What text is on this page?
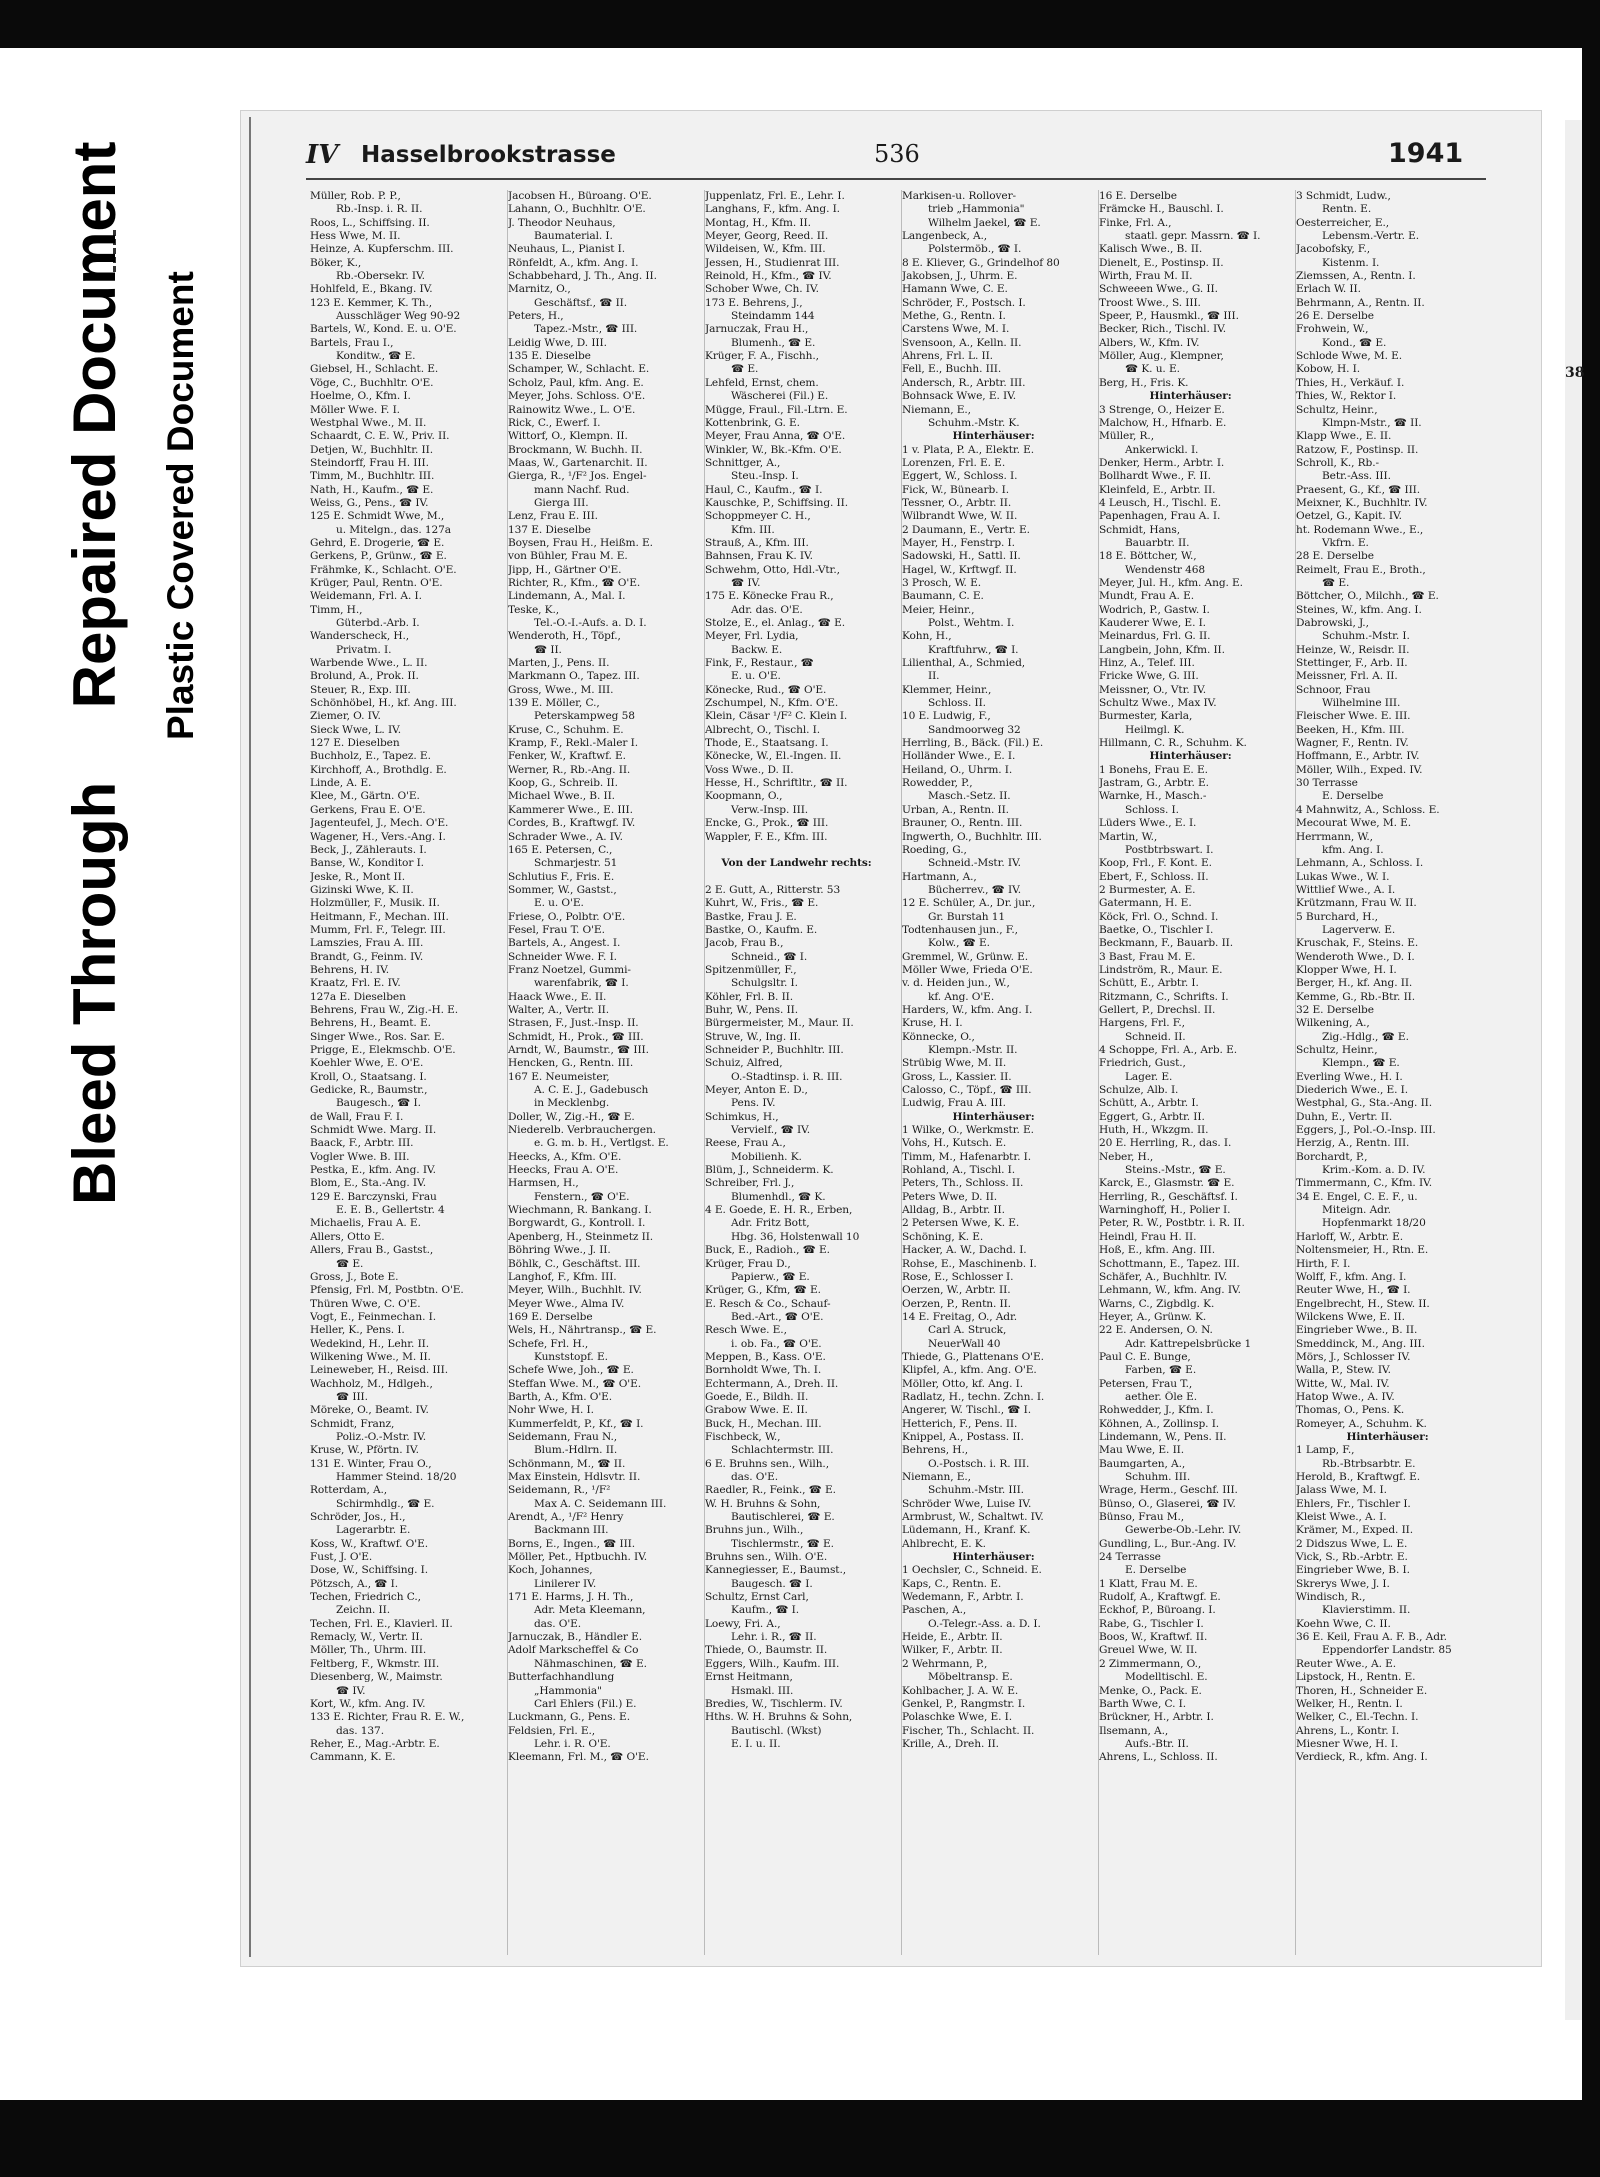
38
Bleed Through  Repaired Document Plastic Covered Document
IV Hasselbrookstrasse	536	1941
Müller, Rob. P. P.,
Rb.-Insp. i. R. II.
Roos, L., Schiffsing. II.
Hess Wwe, M. II.
Heinze, A. Kupferschm. III.
Böker, K.,
Rb.-Obersekr. IV.
Hohlfeld, E., Bkang. IV.
123 E. Kemmer, K. Th.,
Ausschläger Weg 90-92
Bartels, W., Kond. E. u. O'E.
Bartels, Frau I.,
Konditw., ☎ E.
Giebsel, H., Schlacht. E.
Vöge, C., Buchhltr. O'E.
Hoelme, O., Kfm. I.
Möller Wwe. F. I.
Westphal Wwe., M. II.
Schaardt, C. E. W., Priv. II.
Detjen, W., Buchhltr. II.
Steindorff, Frau H. III.
Timm, M., Buchhltr. III.
Nath, H., Kaufm., ☎ E.
Weiss, G., Pens., ☎ IV.
125 E. Schmidt Wwe, M.,
u. Mitelgn., das. 127a
Gehrd, E. Drogerie, ☎ E.
Gerkens, P., Grünw., ☎ E.
Frähmke, K., Schlacht. O'E.
Krüger, Paul, Rentn. O'E.
Weidemann, Frl. A. I.
Timm, H.,
Güterbd.-Arb. I.
Wanderscheck, H.,
Privatm. I.
Warbende Wwe., L. II.
Brolund, A., Prok. II.
Steuer, R., Exp. III.
Schönhöbel, H., kf. Ang. III.
Ziemer, O. IV.
Sieck Wwe, L. IV.
127 E. Dieselben
Buchholz, E., Tapez. E.
Kirchhoff, A., Brothdlg. E.
Linde, A. E.
Klee, M., Gärtn. O'E.
Gerkens, Frau E. O'E.
Jagenteufel, J., Mech. O'E.
Wagener, H., Vers.-Ang. I.
Beck, J., Zählerauts. I.
Banse, W., Konditor I.
Jeske, R., Mont II.
Gizinski Wwe, K. II.
Holzmüller, F., Musik. II.
Heitmann, F., Mechan. III.
Mumm, Frl. F., Telegr. III.
Lamszies, Frau A. III.
Brandt, G., Feinm. IV.
Behrens, H. IV.
Kraatz, Frl. E. IV.
127a E. Dieselben
Behrens, Frau W., Zig.-H. E.
Behrens, H., Beamt. E.
Singer Wwe., Ros. Sar. E.
Prigge, E., Elekmschb. O'E.
Koehler Wwe, E. O'E.
Kroll, O., Staatsang. I.
Gedicke, R., Baumstr.,
Baugesch., ☎ I.
de Wall, Frau F. I.
Schmidt Wwe. Marg. II.
Baack, F., Arbtr. III.
Vogler Wwe. B. III.
Pestka, E., kfm. Ang. IV.
Blom, E., Sta.-Ang. IV.
129 E. Barczynski, Frau
E. E. B., Gellertstr. 4
Michaelis, Frau A. E.
Allers, Otto E.
Allers, Frau B., Gastst.,
☎ E.
Gross, J., Bote E.
Pfensig, Frl. M, Postbtn. O'E.
Thüren Wwe, C. O'E.
Vogt, E., Feinmechan. I.
Heller, K., Pens. I.
Wedekind, H., Lehr. II.
Wilkening Wwe., M. II.
Leineweber, H., Reisd. III.
Wachholz, M., Hdlgeh.,
☎ III.
Möreke, O., Beamt. IV.
Schmidt, Franz,
Poliz.-O.-Mstr. IV.
Kruse, W., Pförtn. IV.
131 E. Winter, Frau O.,
Hammer Steind. 18/20
Rotterdam, A.,
Schirmhdlg., ☎ E.
Schröder, Jos., H.,
Lagerarbtr. E.
Koss, W., Kraftwf. O'E.
Fust, J. O'E.
Dose, W., Schiffsing. I.
Pötzsch, A., ☎ I.
Techen, Friedrich C.,
Zeichn. II.
Techen, Frl. E., Klavierl. II.
Remacly, W., Vertr. II.
Möller, Th., Uhrm. III.
Feltberg, F., Wkmstr. III.
Diesenberg, W., Maimstr.
☎ IV.
Kort, W., kfm. Ang. IV.
133 E. Richter, Frau R. E. W.,
das. 137.
Reher, E., Mag.-Arbtr. E.
Cammann, K. E.
Jacobsen H., Büroang. O'E.
Lahann, O., Buchhltr. O'E.
J. Theodor Neuhaus,
Baumaterial. I.
Neuhaus, L., Pianist I.
Rönfeldt, A., kfm. Ang. I.
Schabbehard, J. Th., Ang. II.
Marnitz, O.,
Geschäftsf., ☎ II.
Peters, H.,
Tapez.-Mstr., ☎ III.
Leidig Wwe, D. III.
135 E. Dieselbe
Schamper, W., Schlacht. E.
Scholz, Paul, kfm. Ang. E.
Meyer, Johs. Schloss. O'E.
Rainowitz Wwe., L. O'E.
Rick, C., Ewerf. I.
Wittorf, O., Klempn. II.
Brockmann, W. Buchh. II.
Maas, W., Gartenarchit. II.
Gierga, R., ¹/F² Jos. Engel-
mann Nachf. Rud.
Gierga III.
Lenz, Frau E. III.
137 E. Dieselbe
Boysen, Frau H., Heißm. E.
von Bühler, Frau M. E.
Jipp, H., Gärtner O'E.
Richter, R., Kfm., ☎ O'E.
Lindemann, A., Mal. I.
Teske, K.,
Tel.-O.-I.-Aufs. a. D. I.
Wenderoth, H., Töpf.,
☎ II.
Marten, J., Pens. II.
Markmann O., Tapez. III.
Gross, Wwe., M. III.
139 E. Möller, C.,
Peterskampweg 58
Kruse, C., Schuhm. E.
Kramp, F., Rekl.-Maler I.
Fenker, W., Kraftwf. E.
Werner, R., Rb.-Ang. II.
Koop, G., Schreib. II.
Michael Wwe., B. II.
Kammerer Wwe., E. III.
Cordes, B., Kraftwgf. IV.
Schrader Wwe., A. IV.
165 E. Petersen, C.,
Schmarjestr. 51
Schlutius F., Fris. E.
Sommer, W., Gastst.,
E. u. O'E.
Friese, O., Polbtr. O'E.
Fesel, Frau T. O'E.
Bartels, A., Angest. I.
Schneider Wwe. F. I.
Franz Noetzel, Gummi-
warenfabrik, ☎ I.
Haack Wwe., E. II.
Walter, A., Vertr. II.
Strasen, F., Just.-Insp. II.
Schmidt, H., Prok., ☎ III.
Arndt, W., Baumstr., ☎ III.
Hencken, G., Rentn. III.
167 E. Neumeister,
A. C. E. J., Gadebusch
in Mecklenbg.
Doller, W., Zig.-H., ☎ E.
Niederelb. Verbrauchergen.
e. G. m. b. H., Vertlgst. E.
Heecks, A., Kfm. O'E.
Heecks, Frau A. O'E.
Harmsen, H.,
Fenstern., ☎ O'E.
Wiechmann, R. Bankang. I.
Borgwardt, G., Kontroll. I.
Apenberg, H., Steinmetz II.
Böhring Wwe., J. II.
Böhlk, C., Geschäftst. III.
Langhof, F., Kfm. III.
Meyer, Wilh., Buchhlt. IV.
Meyer Wwe., Alma IV.
169 E. Derselbe
Wels, H., Nährtransp., ☎ E.
Schefe, Frl. H.,
Kunststopf. E.
Schefe Wwe, Joh., ☎ E.
Steffan Wwe. M., ☎ O'E.
Barth, A., Kfm. O'E.
Nohr Wwe, H. I.
Kummerfeldt, P., Kf., ☎ I.
Seidemann, Frau N.,
Blum.-Hdlrn. II.
Schönmann, M., ☎ II.
Max Einstein, Hdlsvtr. II.
Seidemann, R., ¹/F²
Max A. C. Seidemann III.
Arendt, A., ¹/F² Henry
Backmann III.
Borns, E., Ingen., ☎ III.
Möller, Pet., Hptbuchh. IV.
Koch, Johannes,
Linilerer IV.
171 E. Harms, J. H. Th.,
Adr. Meta Kleemann,
das. O'E.
Jarnuczak, B., Händler E.
Adolf Markscheffel & Co
Nähmaschinen, ☎ E.
Butterfachhandlung
„Hammonia"
Carl Ehlers (Fil.) E.
Luckmann, G., Pens. E.
Feldsien, Frl. E.,
Lehr. i. R. O'E.
Kleemann, Frl. M., ☎ O'E.
Juppenlatz, Frl. E., Lehr. I.
Langhans, F., kfm. Ang. I.
Montag, H., Kfm. II.
Meyer, Georg, Reed. II.
Wildeisen, W., Kfm. III.
Jessen, H., Studienrat III.
Reinold, H., Kfm., ☎ IV.
Schober Wwe, Ch. IV.
173 E. Behrens, J.,
Steindamm 144
Jarnuczak, Frau H.,
Blumenh., ☎ E.
Krüger, F. A., Fischh.,
☎ E.
Lehfeld, Ernst, chem.
Wäscherei (Fil.) E.
Mügge, Fraul., Fil.-Ltrn. E.
Kottenbrink, G. E.
Meyer, Frau Anna, ☎ O'E.
Winkler, W., Bk.-Kfm. O'E.
Schnittger, A.,
Steu.-Insp. I.
Haul, C., Kaufm., ☎ I.
Kauschke, P., Schiffsing. II.
Schoppmeyer C. H.,
Kfm. III.
Strauß, A., Kfm. III.
Bahnsen, Frau K. IV.
Schwehm, Otto, Hdl.-Vtr.,
☎ IV.
175 E. Könecke Frau R.,
Adr. das. O'E.
Stolze, E., el. Anlag., ☎ E.
Meyer, Frl. Lydia,
Backw. E.
Fink, F., Restaur., ☎
E. u. O'E.
Könecke, Rud., ☎ O'E.
Zschumpel, N., Kfm. O'E.
Klein, Cäsar ¹/F² C. Klein I.
Albrecht, O., Tischl. I.
Thode, E., Staatsang. I.
Könecke, W., El.-Ingen. II.
Voss Wwe., D. II.
Hesse, H., Schriftltr., ☎ II.
Koopmann, O.,
Verw.-Insp. III.
Encke, G., Prok., ☎ III.
Wappler, F. E., Kfm. III.
Von der Landwehr rechts:
2 E. Gutt, A., Ritterstr. 53
Kuhrt, W., Fris., ☎ E.
Bastke, Frau J. E.
Bastke, O., Kaufm. E.
Jacob, Frau B.,
Schneid., ☎ I.
Spitzenmüller, F.,
Schulgsltr. I.
Köhler, Frl. B. II.
Buhr, W., Pens. II.
Bürgermeister, M., Maur. II.
Struve, W., Ing. II.
Schneider P., Buchhltr. III.
Schuiz, Alfred,
O.-Stadtinsp. i. R. III.
Meyer, Anton E. D.,
Pens. IV.
Schimkus, H.,
Vervielf., ☎ IV.
Reese, Frau A.,
Mobilienh. K.
Blüm, J., Schneiderm. K.
Schreiber, Frl. J.,
Blumenhdl., ☎ K.
4 E. Goede, E. H. R., Erben,
Adr. Fritz Bott,
Hbg. 36, Holstenwall 10
Buck, E., Radioh., ☎ E.
Krüger, Frau D.,
Papierw., ☎ E.
Krüger, G., Kfm, ☎ E.
E. Resch & Co., Schauf-
Bed.-Art., ☎ O'E.
Resch Wwe. E.,
i. ob. Fa., ☎ O'E.
Meppen, B., Kass. O'E.
Bornholdt Wwe, Th. I.
Echtermann, A., Dreh. II.
Goede, E., Bildh. II.
Grabow Wwe. E. II.
Buck, H., Mechan. III.
Fischbeck, W.,
Schlachtermstr. III.
6 E. Bruhns sen., Wilh.,
das. O'E.
Raedler, R., Feink., ☎ E.
W. H. Bruhns & Sohn,
Bautischlerei, ☎ E.
Bruhns jun., Wilh.,
Tischlermstr., ☎ E.
Bruhns sen., Wilh. O'E.
Kannegiesser, E., Baumst.,
Baugesch. ☎ I.
Schultz, Ernst Carl,
Kaufm., ☎ I.
Loewy, Fri. A.,
Lehr. i. R., ☎ II.
Thiede, O., Baumstr. II.
Eggers, Wilh., Kaufm. III.
Ernst Heitmann,
Hsmakl. III.
Bredies, W., Tischlerm. IV.
Hths. W. H. Bruhns & Sohn,
Bautischl. (Wkst)
E. I. u. II.
Markisen-u. Rollover-
trieb „Hammonia"
Wilhelm Jaekel, ☎ E.
Langenbeck, A.,
Polstermöb., ☎ I.
8 E. Kliever, G., Grindelhof 80
Jakobsen, J., Uhrm. E.
Hamann Wwe, C. E.
Schröder, F., Postsch. I.
Methe, G., Rentn. I.
Carstens Wwe, M. I.
Svensoon, A., Kelln. II.
Ahrens, Frl. L. II.
Fell, E., Buchh. III.
Andersch, R., Arbtr. III.
Bohnsack Wwe, E. IV.
Niemann, E.,
Schuhm.-Mstr. K.
Hinterhäuser:
1 v. Plata, P. A., Elektr. E.
Lorenzen, Frl. E. E.
Eggert, W., Schloss. I.
Fick, W., Bünearb. I.
Tessner, O., Arbtr. II.
Wilbrandt Wwe, W. II.
2 Daumann, E., Vertr. E.
Mayer, H., Fenstrp. I.
Sadowski, H., Sattl. II.
Hagel, W., Krftwgf. II.
3 Prosch, W. E.
Baumann, C. E.
Meier, Heinr.,
Polst., Wehtm. I.
Kohn, H.,
Kraftfuhrw., ☎ I.
Lilienthal, A., Schmied,
II.
Klemmer, Heinr.,
Schloss. II.
10 E. Ludwig, F.,
Sandmoorweg 32
Herrling, B., Bäck. (Fil.) E.
Holländer Wwe., E. I.
Heiland, O., Uhrm. I.
Rowedder, P.,
Masch.-Setz. II.
Urban, A., Rentn. II.
Brauner, O., Rentn. III.
Ingwerth, O., Buchhltr. III.
Roeding, G.,
Schneid.-Mstr. IV.
Hartmann, A.,
Bücherrev., ☎ IV.
12 E. Schüler, A., Dr. jur.,
Gr. Burstah 11
Todtenhausen jun., F.,
Kolw., ☎ E.
Gremmel, W., Grünw. E.
Möller Wwe, Frieda O'E.
v. d. Heiden jun., W.,
kf. Ang. O'E.
Harders, W., kfm. Ang. I.
Kruse, H. I.
Könnecke, O.,
Klempn.-Mstr. II.
Strübig Wwe, M. II.
Gross, L., Kassier. II.
Calosso, C., Töpf., ☎ III.
Ludwig, Frau A. III.
Hinterhäuser:
1 Wilke, O., Werkmstr. E.
Vohs, H., Kutsch. E.
Timm, M., Hafenarbtr. I.
Rohland, A., Tischl. I.
Peters, Th., Schloss. II.
Peters Wwe, D. II.
Alldag, B., Arbtr. II.
2 Petersen Wwe, K. E.
Schöning, K. E.
Hacker, A. W., Dachd. I.
Rohse, E., Maschinenb. I.
Rose, E., Schlosser I.
Oerzen, W., Arbtr. II.
Oerzen, P., Rentn. II.
14 E. Freitag, O., Adr.
Carl A. Struck,
NeuerWall 40
Thiede, G., Plattenans O'E.
Klipfel, A., kfm. Ang. O'E.
Möller, Otto, kf. Ang. I.
Radlatz, H., techn. Zchn. I.
Angerer, W. Tischl., ☎ I.
Hetterich, F., Pens. II.
Knippel, A., Postass. II.
Behrens, H.,
O.-Postsch. i. R. III.
Niemann, E.,
Schuhm.-Mstr. III.
Schröder Wwe, Luise IV.
Armbrust, W., Schaltwt. IV.
Lüdemann, H., Kranf. K.
Ahlbrecht, E. K.
Hinterhäuser:
1 Oechsler, C., Schneid. E.
Kaps, C., Rentn. E.
Wedemann, F., Arbtr. I.
Paschen, A.,
O.-Telegr.-Ass. a. D. I.
Heide, E., Arbtr. II.
Wilker, F., Arbtr. II.
2 Wehrmann, P.,
Möbeltransp. E.
Kohlbacher, J. A. W. E.
Genkel, P., Rangmstr. I.
Polaschke Wwe, E. I.
Fischer, Th., Schlacht. II.
Krille, A., Dreh. II.
16 E. Derselbe
Främcke H., Bauschl. I.
Finke, Frl. A.,
staatl. gepr. Massrn. ☎ I.
Kalisch Wwe., B. II.
Dienelt, E., Postinsp. II.
Wirth, Frau M. II.
Schweeen Wwe., G. II.
Troost Wwe., S. III.
Speer, P., Hausmkl., ☎ III.
Becker, Rich., Tischl. IV.
Albers, W., Kfm. IV.
Möller, Aug., Klempner,
☎ K. u. E.
Berg, H., Fris. K.
Hinterhäuser:
3 Strenge, O., Heizer E.
Malchow, H., Hfnarb. E.
Müller, R.,
Ankerwickl. I.
Denker, Herm., Arbtr. I.
Bollhardt Wwe., F. II.
Kleinfeld, E., Arbtr. II.
4 Leusch, H., Tischl. E.
Papenhagen, Frau A. I.
Schmidt, Hans,
Bauarbtr. II.
18 E. Böttcher, W.,
Wendenstr 468
Meyer, Jul. H., kfm. Ang. E.
Mundt, Frau A. E.
Wodrich, P., Gastw. I.
Kauderer Wwe, E. I.
Meinardus, Frl. G. II.
Langbein, John, Kfm. II.
Hinz, A., Telef. III.
Fricke Wwe, G. III.
Meissner, O., Vtr. IV.
Schultz Wwe., Max IV.
Burmester, Karla,
Heilmgl. K.
Hillmann, C. R., Schuhm. K.
Hinterhäuser:
1 Bonehs, Frau E. E.
Jastram, G., Arbtr. E.
Warnke, H., Masch.-
Schloss. I.
Lüders Wwe., E. I.
Martin, W.,
Postbtrbswart. I.
Koop, Frl., F. Kont. E.
Ebert, F., Schloss. II.
2 Burmester, A. E.
Gatermann, H. E.
Köck, Frl. O., Schnd. I.
Baetke, O., Tischler I.
Beckmann, F., Bauarb. II.
3 Bast, Frau M. E.
Lindström, R., Maur. E.
Schütt, E., Arbtr. I.
Ritzmann, C., Schrifts. I.
Gellert, P., Drechsl. II.
Hargens, Frl. F.,
Schneid. II.
4 Schoppe, Frl. A., Arb. E.
Friedrich, Gust.,
Lager. E.
Schulze, Alb. I.
Schütt, A., Arbtr. I.
Eggert, G., Arbtr. II.
Huth, H., Wkzgm. II.
20 E. Herrling, R., das. I.
Neber, H.,
Steins.-Mstr., ☎ E.
Karck, E., Glasmstr. ☎ E.
Herrling, R., Geschäftsf. I.
Warninghoff, H., Polier I.
Peter, R. W., Postbtr. i. R. II.
Heindl, Frau H. II.
Hoß, E., kfm. Ang. III.
Schottmann, E., Tapez. III.
Schäfer, A., Buchhltr. IV.
Lehmann, W., kfm. Ang. IV.
Warns, C., Zigbdlg. K.
Heyer, A., Grünw. K.
22 E. Andersen, O. N.
Adr. Kattrepelsbrücke 1
Paul C. E. Bunge,
Farben, ☎ E.
Petersen, Frau T.,
aether. Öle E.
Rohwedder, J., Kfm. I.
Köhnen, A., Zollinsp. I.
Lindemann, W., Pens. II.
Mau Wwe, E. II.
Baumgarten, A.,
Schuhm. III.
Wrage, Herm., Geschf. III.
Bünso, O., Glaserei, ☎ IV.
Bünso, Frau M.,
Gewerbe-Ob.-Lehr. IV.
Gundling, L., Bur.-Ang. IV.
24 Terrasse
E. Derselbe
1 Klatt, Frau M. E.
Rudolf, A., Kraftwgf. E.
Eckhof, P., Büroang. I.
Rabe, G., Tischler I.
Boos, W., Kraftwf. II.
Greuel Wwe, W. II.
2 Zimmermann, O.,
Modelltischl. E.
Menke, O., Pack. E.
Barth Wwe, C. I.
Brückner, H., Arbtr. I.
Ilsemann, A.,
Aufs.-Btr. II.
Ahrens, L., Schloss. II.
3 Schmidt, Ludw.,
Rentn. E.
Oesterreicher, E.,
Lebensm.-Vertr. E.
Jacobofsky, F.,
Kistenm. I.
Ziemssen, A., Rentn. I.
Erlach W. II.
Behrmann, A., Rentn. II.
26 E. Derselbe
Frohwein, W.,
Kond., ☎ E.
Schlode Wwe, M. E.
Kobow, H. I.
Thies, H., Verkäuf. I.
Thies, W., Rektor I.
Schultz, Heinr.,
Klmpn-Mstr., ☎ II.
Klapp Wwe., E. II.
Ratzow, F., Postinsp. II.
Schroll, K., Rb.-
Betr.-Ass. III.
Praesent, G., Kf., ☎ III.
Meixner, K., Buchhltr. IV.
Oetzel, G., Kapit. IV.
ht. Rodemann Wwe., E.,
Vkfrn. E.
28 E. Derselbe
Reimelt, Frau E., Broth.,
☎ E.
Böttcher, O., Milchh., ☎ E.
Steines, W., kfm. Ang. I.
Dabrowski, J.,
Schuhm.-Mstr. I.
Heinze, W., Reisdr. II.
Stettinger, F., Arb. II.
Meissner, Frl. A. II.
Schnoor, Frau
Wilhelmine III.
Fleischer Wwe. E. III.
Beeken, H., Kfm. III.
Wagner, F., Rentn. IV.
Hoffmann, E., Arbtr. IV.
Möller, Wilh., Exped. IV.
30 Terrasse
E. Derselbe
4 Mahnwitz, A., Schloss. E.
Mecourat Wwe, M. E.
Herrmann, W.,
kfm. Ang. I.
Lehmann, A., Schloss. I.
Lukas Wwe., W. I.
Wittlief Wwe., A. I.
Krützmann, Frau W. II.
5 Burchard, H.,
Lagerverw. E.
Kruschak, F., Steins. E.
Wenderoth Wwe., D. I.
Klopper Wwe, H. I.
Berger, H., kf. Ang. II.
Kemme, G., Rb.-Btr. II.
32 E. Derselbe
Wilkening, A.,
Zig.-Hdlg., ☎ E.
Schultz, Heinr.,
Klempn., ☎ E.
Everling Wwe., H. I.
Diederich Wwe., E. I.
Westphal, G., Sta.-Ang. II.
Duhn, E., Vertr. II.
Eggers, J., Pol.-O.-Insp. III.
Herzig, A., Rentn. III.
Borchardt, P.,
Krim.-Kom. a. D. IV.
Timmermann, C., Kfm. IV.
34 E. Engel, C. E. F., u.
Miteign. Adr.
Hopfenmarkt 18/20
Harloff, W., Arbtr. E.
Noltensmeier, H., Rtn. E.
Hirth, F. I.
Wolff, F., kfm. Ang. I.
Reuter Wwe, H., ☎ I.
Engelbrecht, H., Stew. II.
Wilckens Wwe, E. II.
Eingrieber Wwe., B. II.
Smeddinck, M., Ang. III.
Mörs, J., Schlosser IV.
Walla, P., Stew. IV.
Witte, W., Mal. IV.
Hatop Wwe., A. IV.
Thomas, O., Pens. K.
Romeyer, A., Schuhm. K.
Hinterhäuser:
1 Lamp, F.,
Rb.-Btrbsarbtr. E.
Herold, B., Kraftwgf. E.
Jalass Wwe, M. I.
Ehlers, Fr., Tischler I.
Kleist Wwe., A. I.
Krämer, M., Exped. II.
2 Didszus Wwe, L. E.
Vick, S., Rb.-Arbtr. E.
Eingrieber Wwe, B. I.
Skrerys Wwe, J. I.
Windisch, R.,
Klavierstimm. II.
Koehn Wwe, C. II.
36 E. Keil, Frau A. F. B., Adr.
Eppendorfer Landstr. 85
Reuter Wwe., A. E.
Lipstock, H., Rentn. E.
Thoren, H., Schneider E.
Welker, H., Rentn. I.
Welker, C., El.-Techn. I.
Ahrens, L., Kontr. I.
Miesner Wwe, H. I.
Verdieck, R., kfm. Ang. I.
